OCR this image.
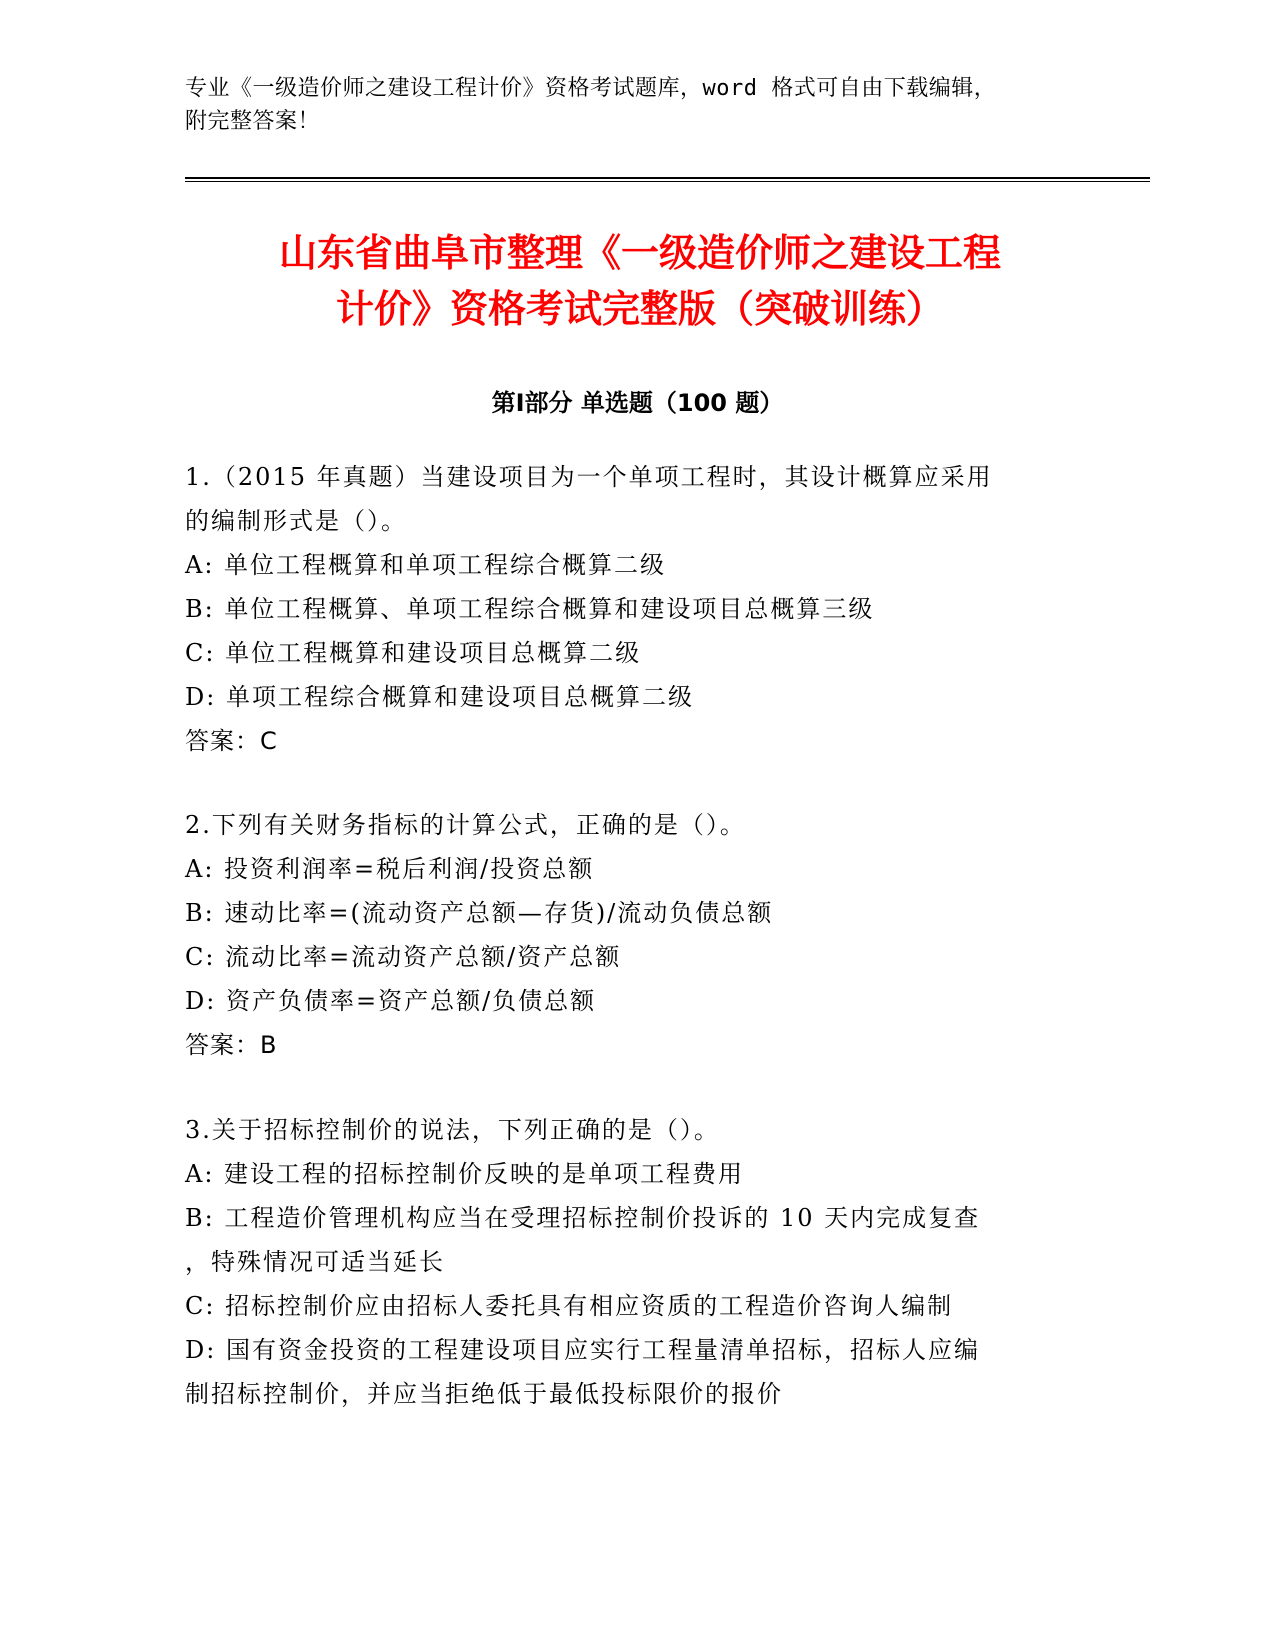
专业《一级造价师之建设工程计价》资格考试题库，word 格式可自由下载编辑，
附完整答案！
山东省曲阜市整理《一级造价师之建设工程
计价》资格考试完整版（突破训练）
第Ⅰ部分 单选题（100 题）
1.（2015 年真题）当建设项目为一个单项工程时，其设计概算应采用
的编制形式是（）。
A: 单位工程概算和单项工程综合概算二级
B: 单位工程概算、单项工程综合概算和建设项目总概算三级
C: 单位工程概算和建设项目总概算二级
D: 单项工程综合概算和建设项目总概算二级
答案：C
2.下列有关财务指标的计算公式，正确的是（）。
A: 投资利润率=税后利润/投资总额
B: 速动比率=(流动资产总额—存货)/流动负债总额
C: 流动比率=流动资产总额/资产总额
D: 资产负债率=资产总额/负债总额
答案：B
3.关于招标控制价的说法，下列正确的是（）。
A: 建设工程的招标控制价反映的是单项工程费用
B: 工程造价管理机构应当在受理招标控制价投诉的 10 天内完成复查
，特殊情况可适当延长
C: 招标控制价应由招标人委托具有相应资质的工程造价咨询人编制
D: 国有资金投资的工程建设项目应实行工程量清单招标，招标人应编
制招标控制价，并应当拒绝低于最低投标限价的报价
